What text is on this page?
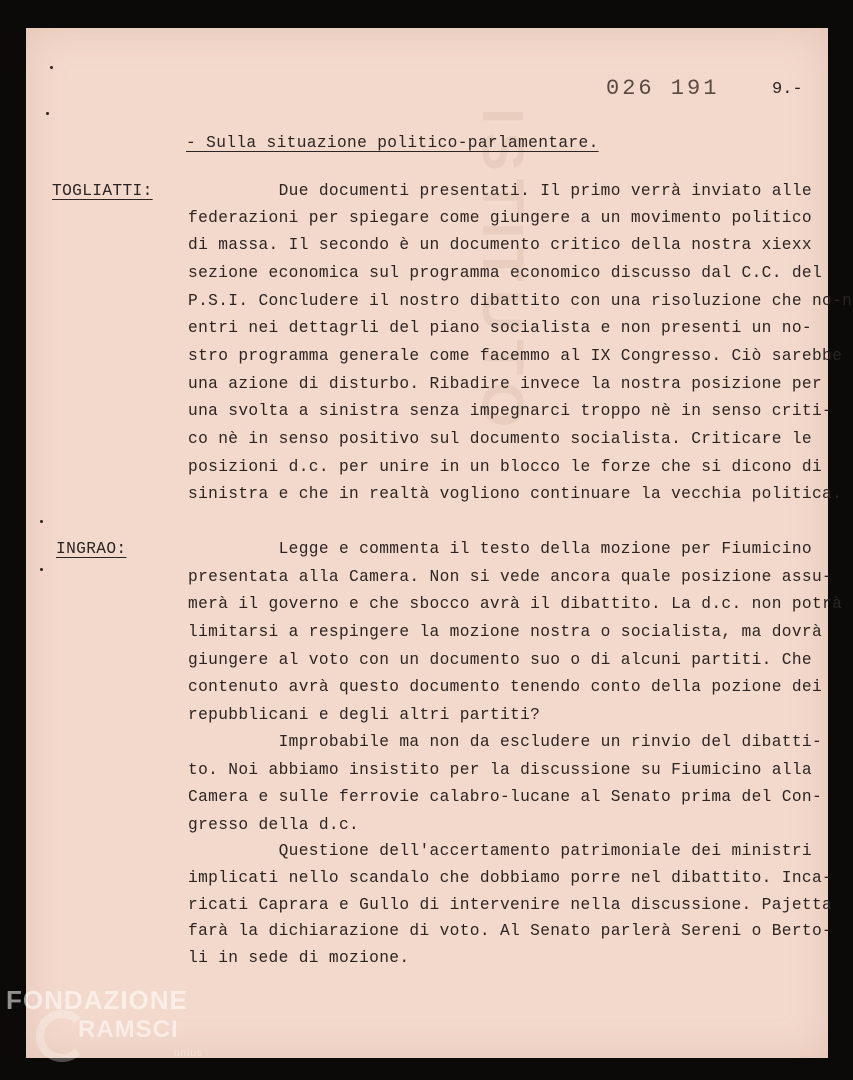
ISTITUTO
026 191	9.-
- Sulla situazione politico-parlamentare.
TOGLIATTI: Due documenti presentati. Il primo verrà inviato alle
federazioni per spiegare come giungere a un movimento politico
di massa. Il secondo è un documento critico della nostra xiexx
sezione economica sul programma economico discusso dal C.C. del
P.S.I. Concludere il nostro dibattito con una risoluzione che no-n
entri nei dettagrli del piano socialista e non presenti un no-
stro programma generale come facemmo al IX Congresso. Ciò sarebbe
una azione di disturbo. Ribadire invece la nostra posizione per
una svolta a sinistra senza impegnarci troppo nè in senso criti-
co nè in senso positivo sul documento socialista. Criticare le
posizioni d.c. per unire in un blocco le forze che si dicono di
sinistra e che in realtà vogliono continuare la vecchia politica.
INGRAO:	Legge e commenta il testo della mozione per Fiumicino
presentata alla Camera. Non si vede ancora quale posizione assu-
merà il governo e che sbocco avrà il dibattito. La d.c. non potrà
limitarsi a respingere la mozione nostra o socialista, ma dovrà
giungere al voto con un documento suo o di alcuni partiti. Che
contenuto avrà questo documento tenendo conto della pozione dei
repubblicani e degli altri partiti?
Improbabile ma non da escludere un rinvio del dibatti-
to. Noi abbiamo insistito per la discussione su Fiumicino alla
Camera e sulle ferrovie calabro-lucane al Senato prima del Con-
gresso della d.c.
Questione dell'accertamento patrimoniale dei ministri
implicati nello scandalo che dobbiamo porre nel dibattito. Inca-
ricati Caprara e Gullo di intervenire nella discussione. Pajetta
farà la dichiarazione di voto. Al Senato parlerà Sereni o Berto-
li in sede di mozione.
FONDAZIONE
RAMSCI
onlus
